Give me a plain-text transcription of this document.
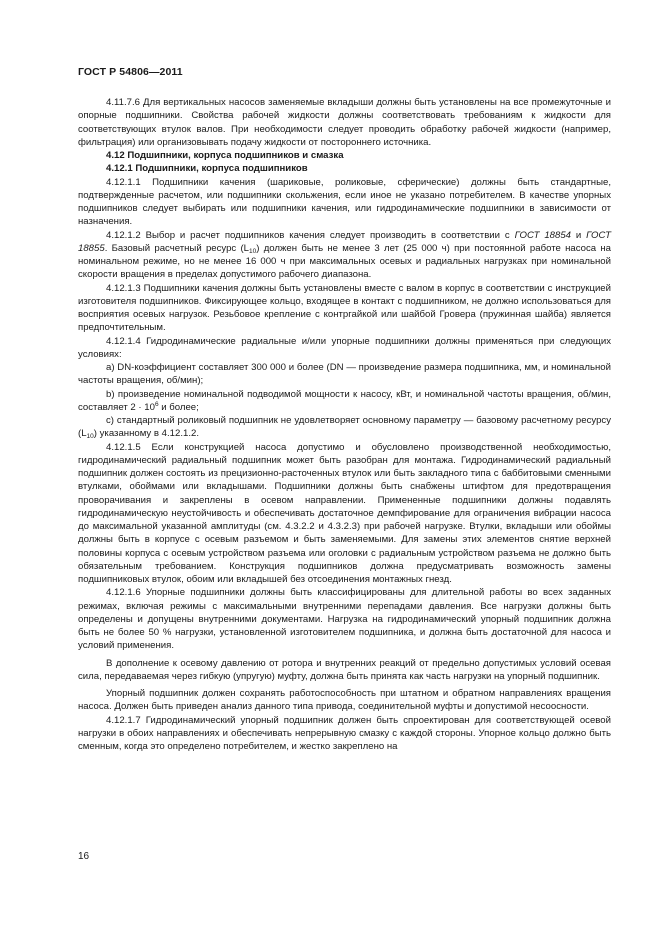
ГОСТ Р 54806—2011

4.11.7.6 Для вертикальных насосов заменяемые вкладыши должны быть установлены на все промежуточные и опорные подшипники. Свойства рабочей жидкости должны соответствовать требованиям к жидкости для соответствующих втулок валов. При необходимости следует проводить обработку рабочей жидкости (например, фильтрация) или организовывать подачу жидкости от постороннего источника.

4.12 Подшипники, корпуса подшипников и смазка

4.12.1 Подшипники, корпуса подшипников

4.12.1.1 Подшипники качения (шариковые, роликовые, сферические) должны быть стандартные, подтвержденные расчетом, или подшипники скольжения, если иное не указано потребителем. В качестве упорных подшипников следует выбирать или подшипники качения, или гидродинамические подшипники в зависимости от назначения.

4.12.1.2 Выбор и расчет подшипников качения следует производить в соответствии с ГОСТ 18854 и ГОСТ 18855. Базовый расчетный ресурс $(L_{10})$ должен быть не менее 3 лет (25 000 ч) при постоянной работе насоса на номинальном режиме, но не менее 16 000 ч при максимальных осевых и радиальных нагрузках при номинальной скорости вращения в пределах допустимого рабочего диапазона.

4.12.1.3 Подшипники качения должны быть установлены вместе с валом в корпус в соответствии с инструкцией изготовителя подшипников. Фиксирующее кольцо, входящее в контакт с подшипником, не должно использоваться для восприятия осевых нагрузок. Резьбовое крепление с контргайкой или шайбой Гровера (пружинная шайба) является предпочтительным.

4.12.1.4 Гидродинамические радиальные и/или упорные подшипники должны применяться при следующих условиях:

a) DN-коэффициент составляет 300 000 и более (DN — произведение размера подшипника, мм, и номинальной частоты вращения, об/мин);

b) произведение номинальной подводимой мощности к насосу, кВт, и номинальной частоты вращения, об/мин, составляет $2 \cdot 10^6$ и более;

c) стандартный роликовый подшипник не удовлетворяет основному параметру — базовому расчетному ресурсу $(L_{10})$ указанному в 4.12.1.2.

4.12.1.5 Если конструкцией насоса допустимо и обусловлено производственной необходимостью, гидродинамический радиальный подшипник может быть разобран для монтажа. Гидродинамический радиальный подшипник должен состоять из прецизионно-расточенных втулок или быть закладного типа с баббитовыми сменными втулками, обоймами или вкладышами. Подшипники должны быть снабжены штифтом для предотвращения проворачивания и закреплены в осевом направлении. Примененные подшипники должны подавлять гидродинамическую неустойчивость и обеспечивать достаточное демпфирование для ограничения вибрации насоса до максимальной указанной амплитуды (см. 4.3.2.2 и 4.3.2.3) при рабочей нагрузке. Втулки, вкладыши или обоймы должны быть в корпусе с осевым разъемом и быть заменяемыми. Для замены этих элементов снятие верхней половины корпуса с осевым устройством разъема или оголовки с радиальным устройством разъема не должно быть обязательным требованием. Конструкция подшипников должна предусматривать возможность замены подшипниковых втулок, обоим или вкладышей без отсоединения монтажных гнезд.

4.12.1.6 Упорные подшипники должны быть классифицированы для длительной работы во всех заданных режимах, включая режимы с максимальными внутренними перепадами давления. Все нагрузки должны быть определены и допущены внутренними документами. Нагрузка на гидродинамический упорный подшипник должна быть не более 50 % нагрузки, установленной изготовителем подшипника, и должна быть достаточной для насоса и условий применения.

В дополнение к осевому давлению от ротора и внутренних реакций от предельно допустимых условий осевая сила, передаваемая через гибкую (упругую) муфту, должна быть принята как часть нагрузки на упорный подшипник.

Упорный подшипник должен сохранять работоспособность при штатном и обратном направлениях вращения насоса. Должен быть приведен анализ данного типа привода, соединительной муфты и допустимой несоосности.

4.12.1.7 Гидродинамический упорный подшипник должен быть спроектирован для соответствующей осевой нагрузки в обоих направлениях и обеспечивать непрерывную смазку с каждой стороны. Упорное кольцо должно быть сменным, когда это определено потребителем, и жестко закреплено на

16
